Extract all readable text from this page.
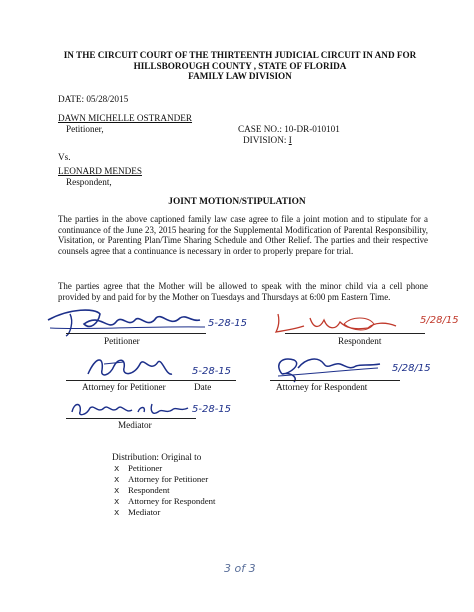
IN THE CIRCUIT COURT OF THE THIRTEENTH JUDICIAL CIRCUIT IN AND FOR
HILLSBOROUGH COUNTY , STATE OF FLORIDA
FAMILY LAW DIVISION
DATE: 05/28/2015
DAWN MICHELLE OSTRANDER
Petitioner,	CASE NO.: 10-DR-010101
DIVISION: I
Vs.
LEONARD MENDES
Respondent,
JOINT MOTION/STIPULATION
The parties in the above captioned family law case agree to file a joint motion and to stipulate for a continuance of the June 23, 2015 hearing for the Supplemental Modification of Parental Responsibility, Visitation, or Parenting Plan/Time Sharing Schedule and Other Relief. The parties and their respective counsels agree that a continuance is necessary in order to properly prepare for trial.
The parties agree that the Mother will be allowed to speak with the minor child via a cell phone provided by and paid for by the Mother on Tuesdays and Thursdays at 6:00 pm Eastern Time.
5-28-15
Petitioner
5/28/15
Respondent
5-28-15
Attorney for Petitioner	Date
5/28/15
Attorney for Respondent
5-28-15
Mediator
Distribution: Original to
x Petitioner
x Attorney for Petitioner
x Respondent
x Attorney for Respondent
x Mediator
3 of 3
